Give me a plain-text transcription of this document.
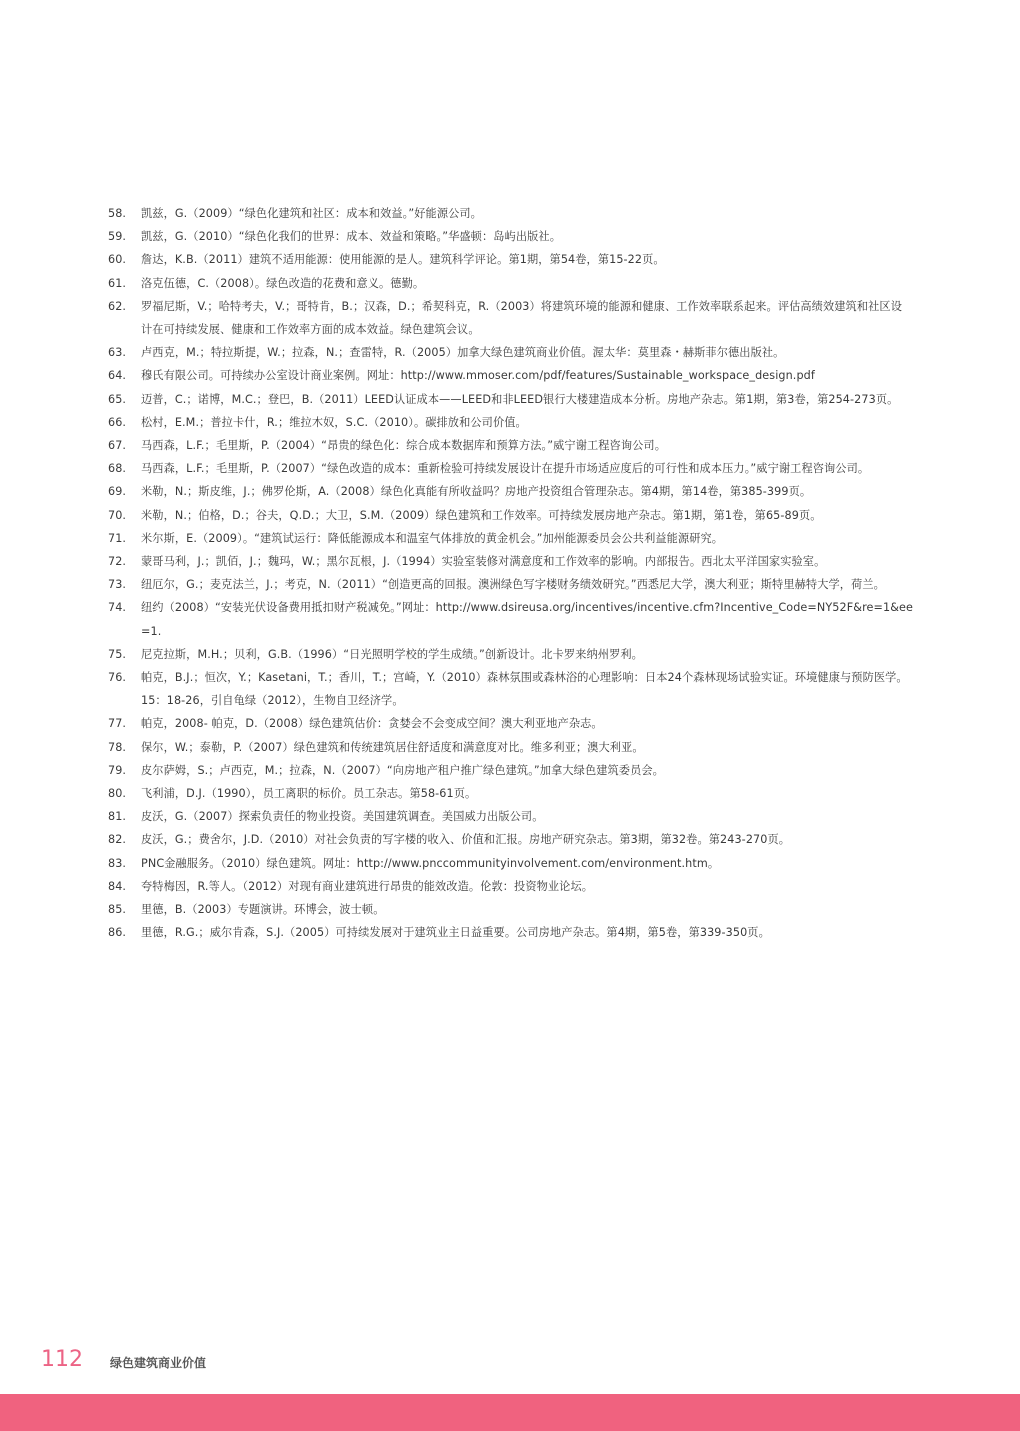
58.	凯兹，G.（2009）“绿色化建筑和社区：成本和效益。”好能源公司。
59.	凯兹，G.（2010）“绿色化我们的世界：成本、效益和策略。”华盛顿：岛屿出版社。
60.	詹达，K.B.（2011）建筑不适用能源：使用能源的是人。建筑科学评论。第1期，第54卷，第15-22页。
61.	洛克伍德，C.（2008）。绿色改造的花费和意义。德勤。
62.	罗福尼斯，V.；哈特考夫，V.；哥特肯，B.；汉森，D.；希契科克，R.（2003）将建筑环境的能源和健康、工作效率联系起来。评估高绩效建筑和社区设计在可持续发展、健康和工作效率方面的成本效益。绿色建筑会议。
63.	卢西克，M.；特拉斯提，W.；拉森，N.；查雷特，R.（2005）加拿大绿色建筑商业价值。渥太华：莫里森・赫斯菲尔德出版社。
64.	穆氏有限公司。可持续办公室设计商业案例。网址：http://www.mmoser.com/pdf/features/Sustainable_workspace_design.pdf
65.	迈普，C.；诺博，M.C.；登巴，B.（2011）LEED认证成本——LEED和非LEED银行大楼建造成本分析。房地产杂志。第1期，第3卷，第254-273页。
66.	松村，E.M.；普拉卡什，R.；维拉木奴，S.C.（2010）。碳排放和公司价值。
67.	马西森，L.F.；毛里斯，P.（2004）“昂贵的绿色化：综合成本数据库和预算方法。”威宁谢工程咨询公司。
68.	马西森，L.F.；毛里斯，P.（2007）“绿色改造的成本：重新检验可持续发展设计在提升市场适应度后的可行性和成本压力。”威宁谢工程咨询公司。
69.	米勒，N.；斯皮维，J.；佛罗伦斯，A.（2008）绿色化真能有所收益吗？房地产投资组合管理杂志。第4期，第14卷，第385-399页。
70.	米勒，N.；伯格，D.；谷夫，Q.D.；大卫，S.M.（2009）绿色建筑和工作效率。可持续发展房地产杂志。第1期，第1卷，第65-89页。
71.	米尔斯，E.（2009）。“建筑试运行：降低能源成本和温室气体排放的黄金机会。”加州能源委员会公共利益能源研究。
72.	蒙哥马利，J.；凯佰，J.；魏玛，W.；黑尔瓦根，J.（1994）实验室装修对满意度和工作效率的影响。内部报告。西北太平洋国家实验室。
73.	纽厄尔，G.；麦克法兰，J.；考克，N.（2011）“创造更高的回报。澳洲绿色写字楼财务绩效研究。”西悉尼大学，澳大利亚；斯特里赫特大学，荷兰。
74.	纽约（2008）“安装光伏设备费用抵扣财产税减免。”网址：http://www.dsireusa.org/incentives/incentive.cfm?Incentive_Code=NY52F&re=1&ee=1.
75.	尼克拉斯，M.H.；贝利，G.B.（1996）“日光照明学校的学生成绩。”创新设计。北卡罗来纳州罗利。
76.	帕克，B.J.；恒次，Y.；Kasetani，T.；香川，T.；宫崎，Y.（2010）森林氛围或森林浴的心理影响：日本24个森林现场试验实证。环境健康与预防医学。15：18-26，引自龟绿（2012），生物自卫经济学。
77.	帕克，2008- 帕克，D.（2008）绿色建筑估价：贪婪会不会变成空间？澳大利亚地产杂志。
78.	保尔，W.；泰勒，P.（2007）绿色建筑和传统建筑居住舒适度和满意度对比。维多利亚；澳大利亚。
79.	皮尔萨姆，S.；卢西克，M.；拉森，N.（2007）“向房地产租户推广绿色建筑。”加拿大绿色建筑委员会。
80.	飞利浦，D.J.（1990），员工离职的标价。员工杂志。第58-61页。
81.	皮沃，G.（2007）探索负责任的物业投资。美国建筑调查。美国威力出版公司。
82.	皮沃，G.；费舍尔，J.D.（2010）对社会负责的写字楼的收入、价值和汇报。房地产研究杂志。第3期，第32卷。第243-270页。
83.	PNC金融服务。（2010）绿色建筑。网址：http://www.pnccommunityinvolvement.com/environment.htm。
84.	夸特梅因，R.等人。（2012）对现有商业建筑进行昂贵的能效改造。伦敦：投资物业论坛。
85.	里德，B.（2003）专题演讲。环博会，波士顿。
86.	里德，R.G.；威尔肯森，S.J.（2005）可持续发展对于建筑业主日益重要。公司房地产杂志。第4期，第5卷，第339-350页。
112 绿色建筑商业价值
